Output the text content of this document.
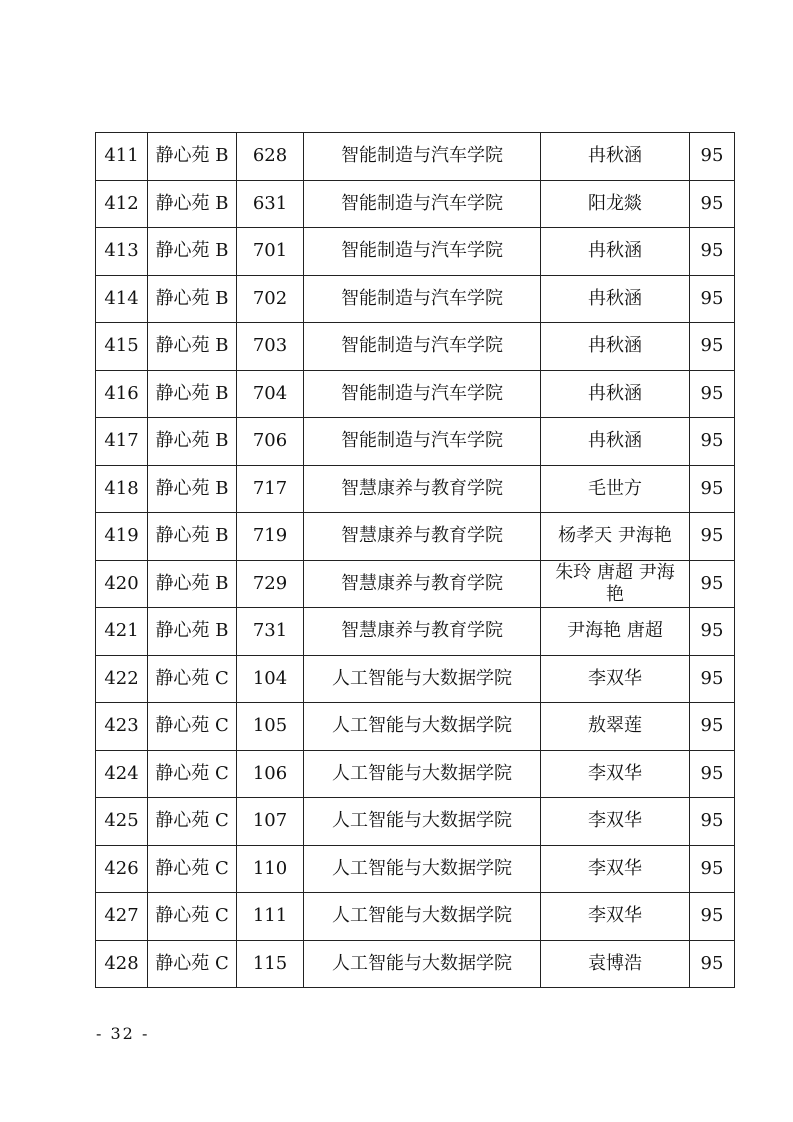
411	静心苑 B	628	智能制造与汽车学院	冉秋涵	95
412	静心苑 B	631	智能制造与汽车学院	阳龙燚	95
413	静心苑 B	701	智能制造与汽车学院	冉秋涵	95
414	静心苑 B	702	智能制造与汽车学院	冉秋涵	95
415	静心苑 B	703	智能制造与汽车学院	冉秋涵	95
416	静心苑 B	704	智能制造与汽车学院	冉秋涵	95
417	静心苑 B	706	智能制造与汽车学院	冉秋涵	95
418	静心苑 B	717	智慧康养与教育学院	毛世方	95
419	静心苑 B	719	智慧康养与教育学院	杨孝天 尹海艳	95
420	静心苑 B	729	智慧康养与教育学院	朱玲 唐超 尹海艳	95
421	静心苑 B	731	智慧康养与教育学院	尹海艳 唐超	95
422	静心苑 C	104	人工智能与大数据学院	李双华	95
423	静心苑 C	105	人工智能与大数据学院	敖翠莲	95
424	静心苑 C	106	人工智能与大数据学院	李双华	95
425	静心苑 C	107	人工智能与大数据学院	李双华	95
426	静心苑 C	110	人工智能与大数据学院	李双华	95
427	静心苑 C	111	人工智能与大数据学院	李双华	95
428	静心苑 C	115	人工智能与大数据学院	袁博浩	95
- 32 -
